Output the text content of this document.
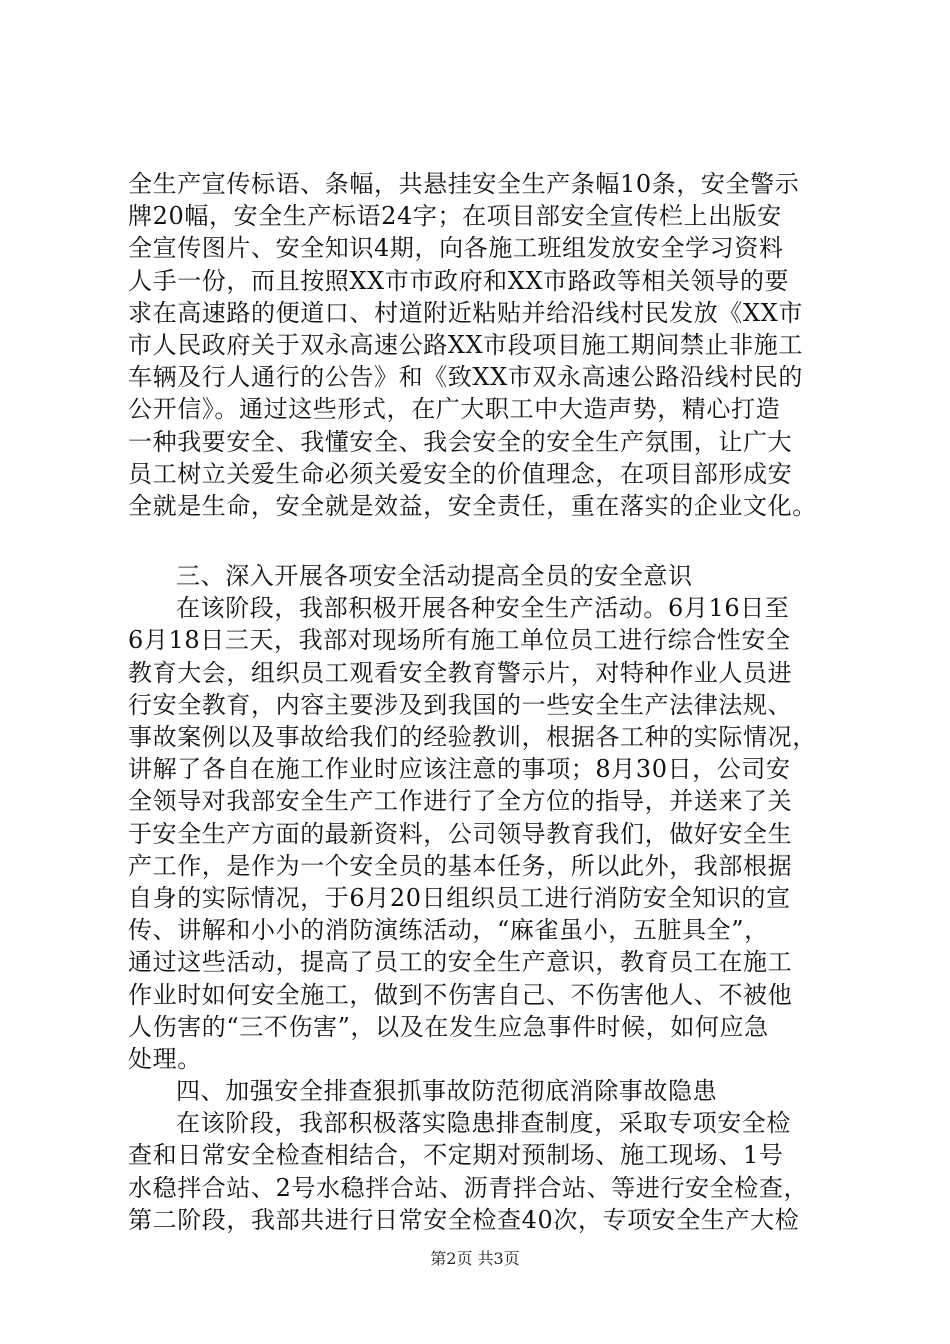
全生产宣传标语、条幅，共悬挂安全生产条幅10条，安全警示
牌20幅，安全生产标语24字；在项目部安全宣传栏上出版安
全宣传图片、安全知识4期，向各施工班组发放安全学习资料
人手一份，而且按照XX市市政府和XX市路政等相关领导的要
求在高速路的便道口、村道附近粘贴并给沿线村民发放《XX市
市人民政府关于双永高速公路XX市段项目施工期间禁止非施工
车辆及行人通行的公告》和《致XX市双永高速公路沿线村民的
公开信》。通过这些形式，在广大职工中大造声势，精心打造
一种我要安全、我懂安全、我会安全的安全生产氛围，让广大
员工树立关爱生命必须关爱安全的价值理念，在项目部形成安
全就是生命，安全就是效益，安全责任，重在落实的企业文化。
三、深入开展各项安全活动提高全员的安全意识
在该阶段，我部积极开展各种安全生产活动。6月16日至
6月18日三天，我部对现场所有施工单位员工进行综合性安全
教育大会，组织员工观看安全教育警示片，对特种作业人员进
行安全教育，内容主要涉及到我国的一些安全生产法律法规、
事故案例以及事故给我们的经验教训，根据各工种的实际情况，
讲解了各自在施工作业时应该注意的事项；8月30日，公司安
全领导对我部安全生产工作进行了全方位的指导，并送来了关
于安全生产方面的最新资料，公司领导教育我们，做好安全生
产工作，是作为一个安全员的基本任务，所以此外，我部根据
自身的实际情况，于6月20日组织员工进行消防安全知识的宣
传、讲解和小小的消防演练活动，“麻雀虽小，五脏具全”，
通过这些活动，提高了员工的安全生产意识，教育员工在施工
作业时如何安全施工，做到不伤害自己、不伤害他人、不被他
人伤害的“三不伤害”，以及在发生应急事件时候，如何应急
处理。
四、加强安全排查狠抓事故防范彻底消除事故隐患
在该阶段，我部积极落实隐患排查制度，采取专项安全检
查和日常安全检查相结合，不定期对预制场、施工现场、1号
水稳拌合站、2号水稳拌合站、沥青拌合站、等进行安全检查，
第二阶段，我部共进行日常安全检查40次，专项安全生产大检
第2页 共3页
